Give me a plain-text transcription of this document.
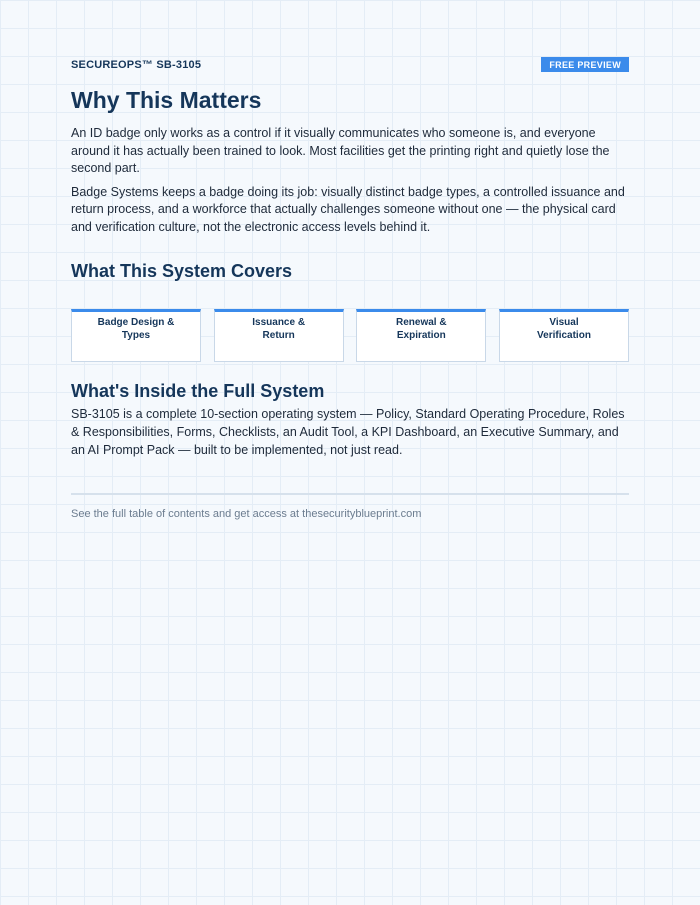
SECUREOPS™ SB-3105	FREE PREVIEW
Why This Matters

An ID badge only works as a control if it visually communicates who someone is, and everyone around it has actually been trained to look. Most facilities get the printing right and quietly lose the second part.

Badge Systems keeps a badge doing its job: visually distinct badge types, a controlled issuance and return process, and a workforce that actually challenges someone without one — the physical card and verification culture, not the electronic access levels behind it.

What This System Covers
Badge Design & Types
Issuance & Return
Renewal & Expiration
Visual Verification
What's Inside the Full System

SB-3105 is a complete 10-section operating system — Policy, Standard Operating Procedure, Roles & Responsibilities, Forms, Checklists, an Audit Tool, a KPI Dashboard, an Executive Summary, and an AI Prompt Pack — built to be implemented, not just read.

See the full table of contents and get access at thesecurityblueprint.com
